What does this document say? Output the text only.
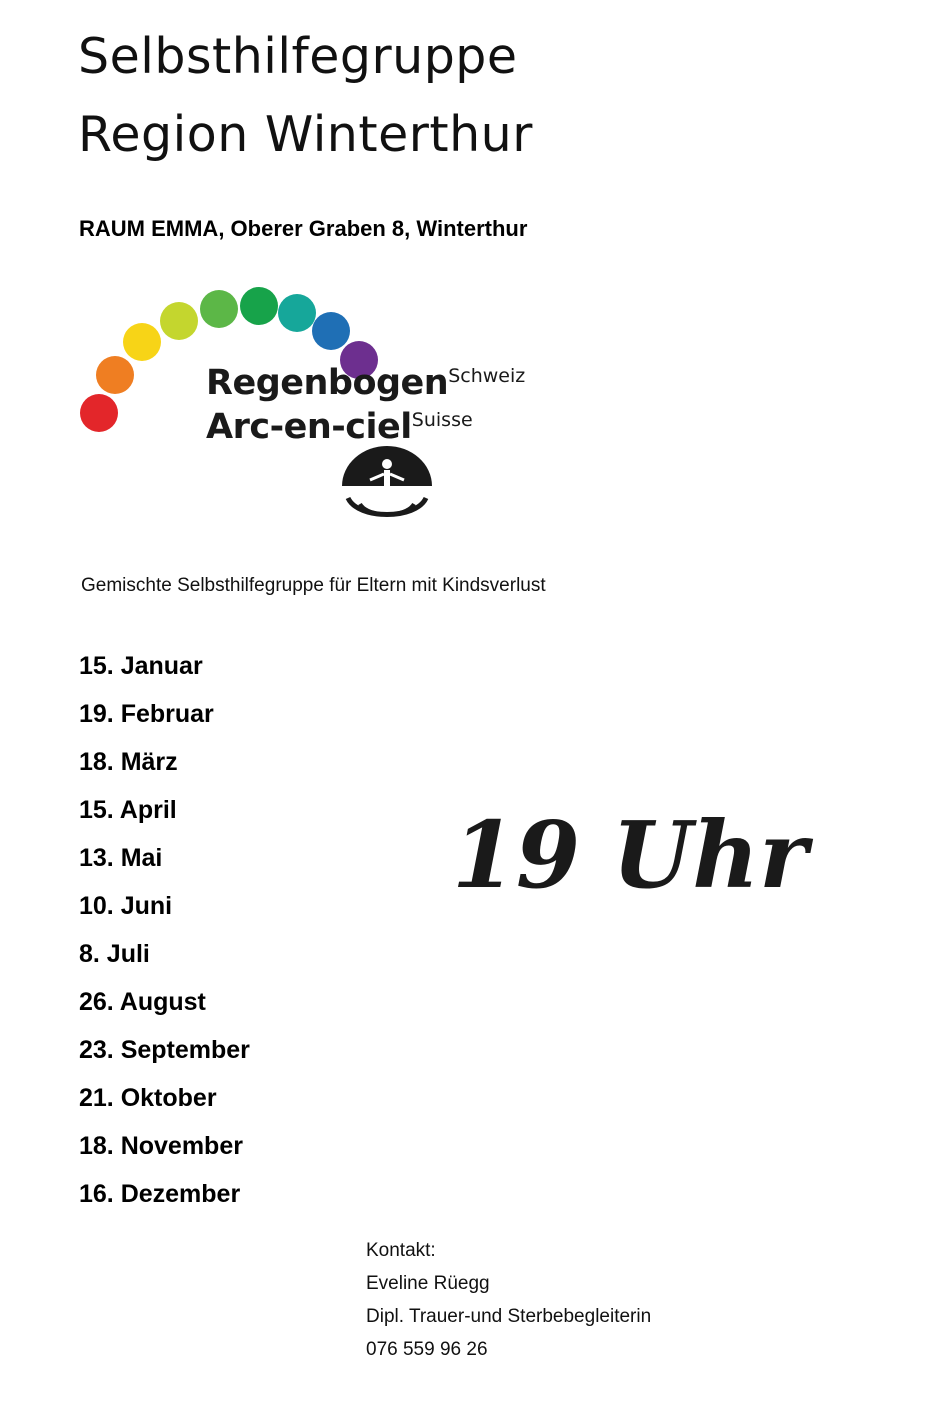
Selbsthilfegruppe
Region Winterthur
RAUM EMMA, Oberer Graben 8, Winterthur
RegenbogenSchweiz
Arc-en-cielSuisse
Gemischte Selbsthilfegruppe für Eltern mit Kindsverlust
15. Januar
19. Februar
18. März
15. April
13. Mai
10. Juni
8. Juli
26. August
23. September
21. Oktober
18. November
16. Dezember
19 Uhr
Kontakt:
Eveline Rüegg
Dipl. Trauer-und Sterbebegleiterin
076 559 96 26
